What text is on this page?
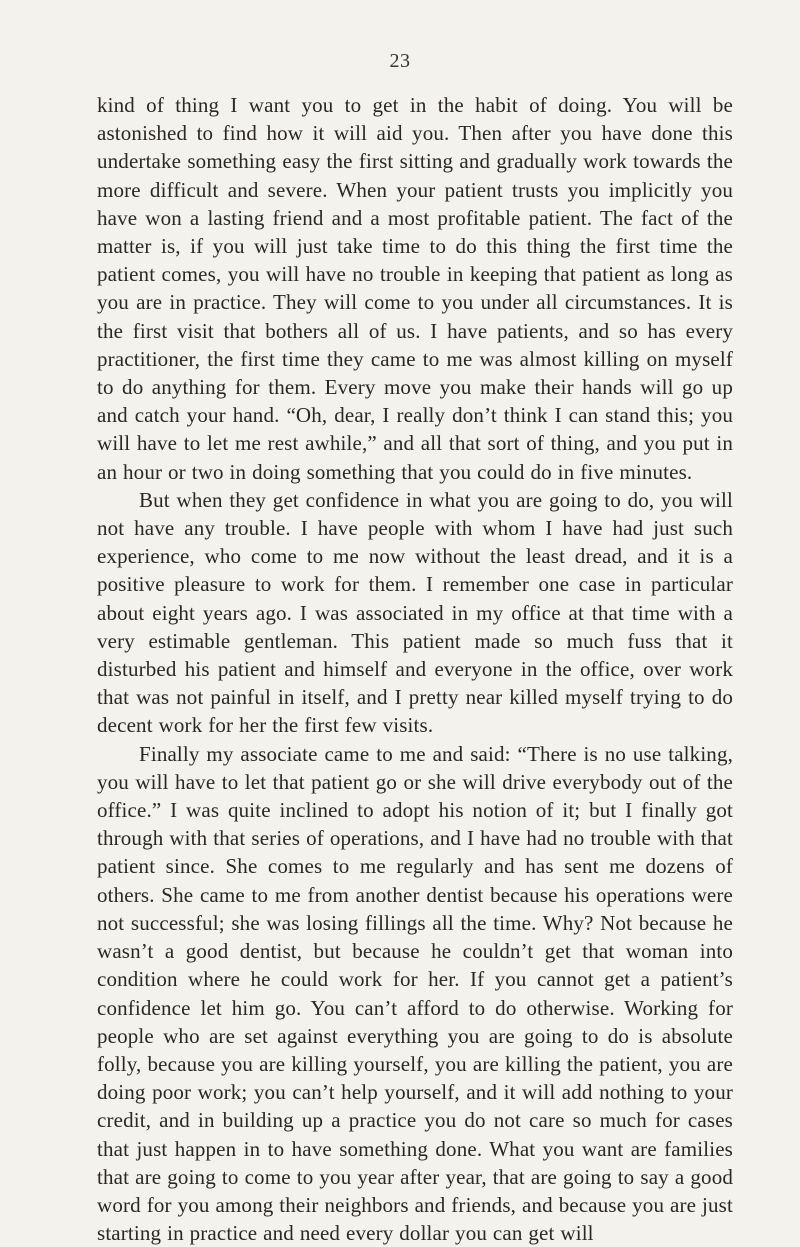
23

kind of thing I want you to get in the habit of doing. You will be astonished to find how it will aid you. Then after you have done this undertake something easy the first sitting and gradually work towards the more difficult and severe. When your patient trusts you implicitly you have won a lasting friend and a most profitable patient. The fact of the matter is, if you will just take time to do this thing the first time the patient comes, you will have no trouble in keeping that patient as long as you are in practice. They will come to you under all circumstances. It is the first visit that bothers all of us. I have patients, and so has every practitioner, the first time they came to me was almost killing on myself to do anything for them. Every move you make their hands will go up and catch your hand. “Oh, dear, I really don’t think I can stand this; you will have to let me rest awhile,” and all that sort of thing, and you put in an hour or two in doing something that you could do in five minutes.

But when they get confidence in what you are going to do, you will not have any trouble. I have people with whom I have had just such experience, who come to me now without the least dread, and it is a positive pleasure to work for them. I remember one case in particular about eight years ago. I was associated in my office at that time with a very estimable gentleman. This patient made so much fuss that it disturbed his patient and himself and everyone in the office, over work that was not painful in itself, and I pretty near killed myself trying to do decent work for her the first few visits.

Finally my associate came to me and said: “There is no use talking, you will have to let that patient go or she will drive everybody out of the office.” I was quite inclined to adopt his notion of it; but I finally got through with that series of operations, and I have had no trouble with that patient since. She comes to me regularly and has sent me dozens of others. She came to me from another dentist because his operations were not successful; she was losing fillings all the time. Why? Not because he wasn’t a good dentist, but because he couldn’t get that woman into condition where he could work for her. If you cannot get a patient’s confidence let him go. You can’t afford to do otherwise. Working for people who are set against everything you are going to do is absolute folly, because you are killing yourself, you are killing the patient, you are doing poor work; you can’t help yourself, and it will add nothing to your credit, and in building up a practice you do not care so much for cases that just happen in to have something done. What you want are families that are going to come to you year after year, that are going to say a good word for you among their neighbors and friends, and because you are just starting in practice and need every dollar you can get will
